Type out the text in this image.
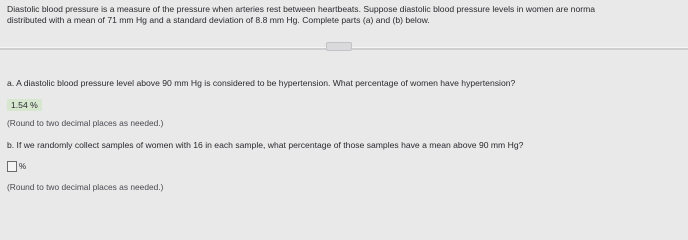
Diastolic blood pressure is a measure of the pressure when arteries rest between heartbeats. Suppose diastolic blood pressure levels in women are norma
distributed with a mean of 71 mm Hg and a standard deviation of 8.8 mm Hg. Complete parts (a) and (b) below.
a. A diastolic blood pressure level above 90 mm Hg is considered to be hypertension. What percentage of women have hypertension?
1.54 %
(Round to two decimal places as needed.)
b. If we randomly collect samples of women with 16 in each sample, what percentage of those samples have a mean above 90 mm Hg?
%
(Round to two decimal places as needed.)
